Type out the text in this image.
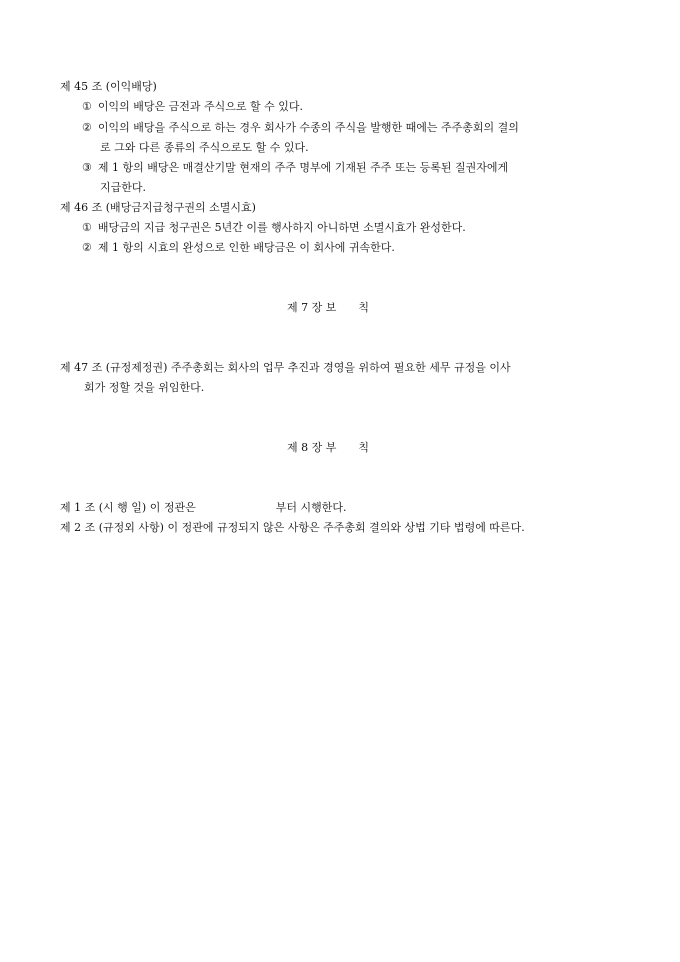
제 45 조 (이익배당)
① 이익의 배당은 금전과 주식으로 할 수 있다.
② 이익의 배당을 주식으로 하는 경우 회사가 수종의 주식을 발행한 때에는 주주총회의 결의
로 그와 다른 종류의 주식으로도 할 수 있다.
③ 제 1 항의 배당은 매결산기말 현재의 주주 명부에 기재된 주주 또는 등록된 질권자에게
지급한다.
제 46 조 (배당금지급청구권의 소멸시효)
① 배당금의 지급 청구권은 5년간 이를 행사하지 아니하면 소멸시효가 완성한다.
② 제 1 항의 시효의 완성으로 인한 배당금은 이 회사에 귀속한다.
제 7 장 보　　칙
제 47 조 (규정제정권) 주주총회는 회사의 업무 추진과 경영을 위하여 필요한 세무 규정을 이사
회가 정할 것을 위임한다.
제 8 장 부　　칙
제 1 조 (시 행 일) 이 정관은	부터 시행한다.
제 2 조 (규정외 사항) 이 정관에 규정되지 않은 사항은 주주총회 결의와 상법 기타 법령에 따른다.
